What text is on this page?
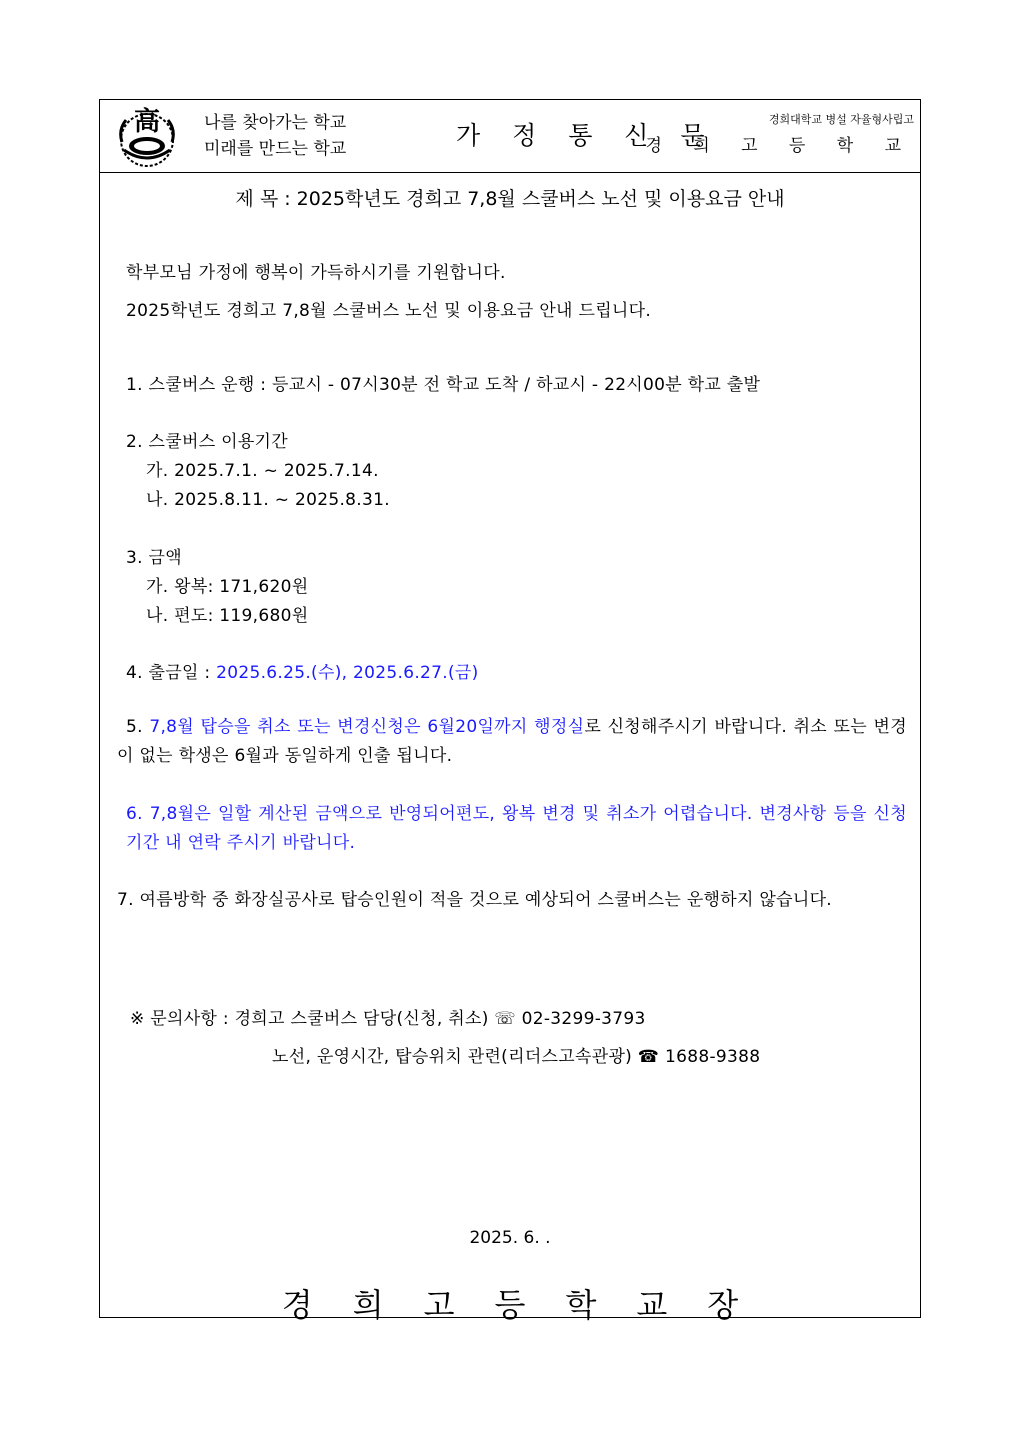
高	나를 찾아가는 학교
미래를 만드는 학교	가 정 통 신 문
경희대학교 병설 자율형사립고
경 희 고 등 학 교
제 목 : 2025학년도 경희고 7,8월 스쿨버스 노선 및 이용요금 안내
학부모님 가정에 행복이 가득하시기를 기원합니다.
2025학년도 경희고 7,8월 스쿨버스 노선 및 이용요금 안내 드립니다.
1. 스쿨버스 운행 : 등교시 - 07시30분 전 학교 도착 / 하교시 - 22시00분 학교 출발
2. 스쿨버스 이용기간
가. 2025.7.1. ~ 2025.7.14.
나. 2025.8.11. ~ 2025.8.31.
3. 금액
가. 왕복: 171,620원
나. 편도: 119,680원
4. 출금일 : 2025.6.25.(수), 2025.6.27.(금)
5. 7,8월 탑승을 취소 또는 변경신청은 6월20일까지 행정실로 신청해주시기 바랍니다. 취소 또는 변경이 없는 학생은 6월과 동일하게 인출 됩니다.
6. 7,8월은 일할 계산된 금액으로 반영되어편도, 왕복 변경 및 취소가 어렵습니다. 변경사항 등을 신청 기간 내 연락 주시기 바랍니다.
7. 여름방학 중 화장실공사로 탑승인원이 적을 것으로 예상되어 스쿨버스는 운행하지 않습니다.
※ 문의사항 : 경희고 스쿨버스 담당(신청, 취소) ☏ 02-3299-3793
노선, 운영시간, 탑승위치 관련(리더스고속관광) ☎ 1688-9388
2025. 6. .
경희고등학교장
